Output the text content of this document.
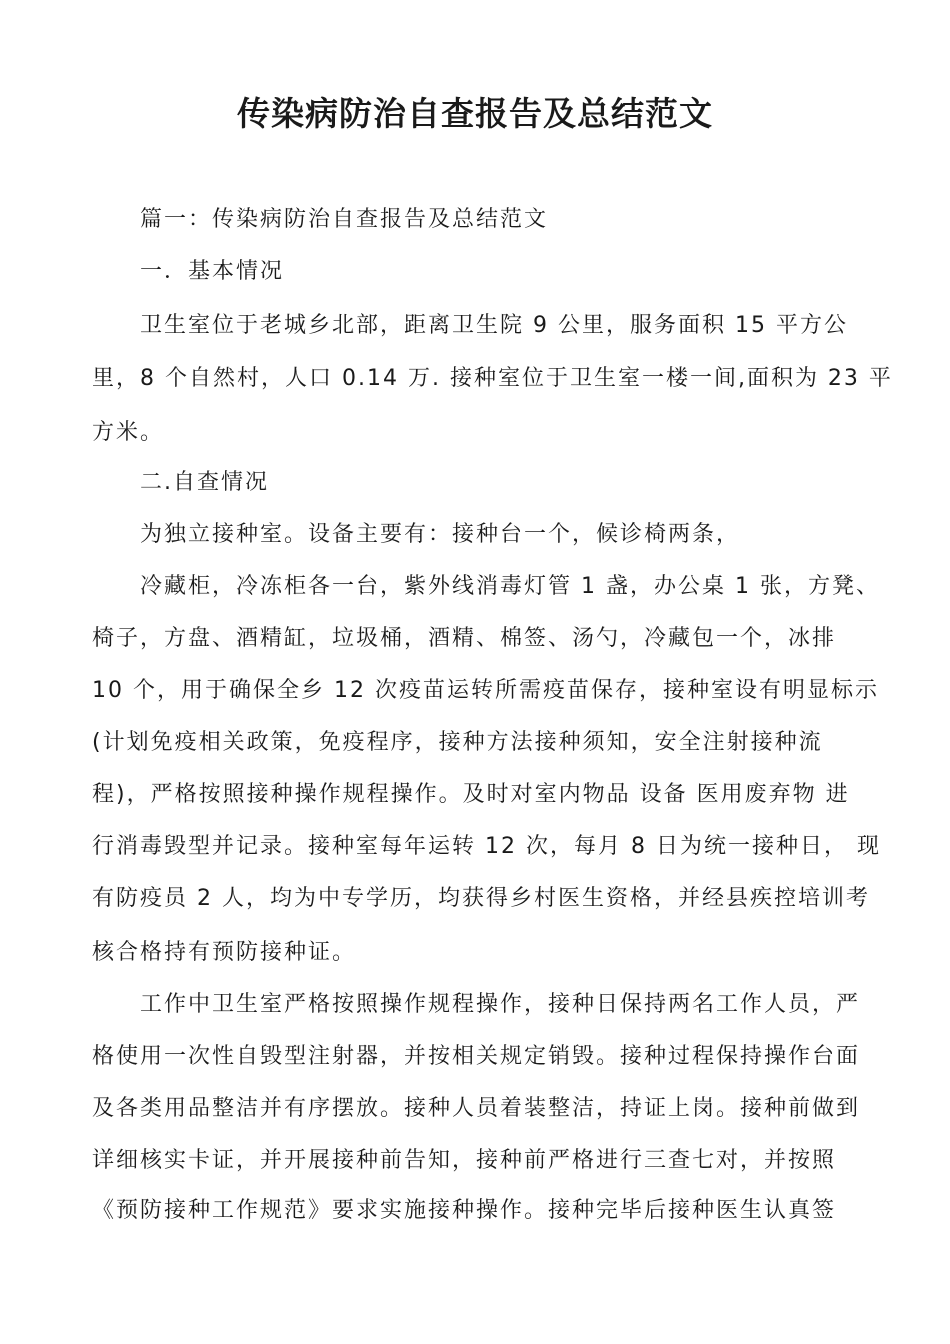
传染病防治自查报告及总结范文
篇一：传染病防治自查报告及总结范文
一．基本情况
卫生室位于老城乡北部，距离卫生院 9 公里，服务面积 15 平方公
里，8 个自然村，人口 0.14 万. 接种室位于卫生室一楼一间,面积为 23 平
方米。
二.自查情况
为独立接种室。设备主要有：接种台一个，候诊椅两条，
冷藏柜，冷冻柜各一台，紫外线消毒灯管 1 盏，办公桌 1 张，方凳、
椅子，方盘、酒精缸，垃圾桶，酒精、棉签、汤勺，冷藏包一个，冰排
10 个，用于确保全乡 12 次疫苗运转所需疫苗保存，接种室设有明显标示
(计划免疫相关政策，免疫程序，接种方法接种须知，安全注射接种流
程)，严格按照接种操作规程操作。及时对室内物品 设备 医用废弃物 进
行消毒毁型并记录。接种室每年运转 12 次，每月 8 日为统一接种日， 现
有防疫员 2 人，均为中专学历，均获得乡村医生资格，并经县疾控培训考
核合格持有预防接种证。
工作中卫生室严格按照操作规程操作，接种日保持两名工作人员，严
格使用一次性自毁型注射器，并按相关规定销毁。接种过程保持操作台面
及各类用品整洁并有序摆放。接种人员着装整洁，持证上岗。接种前做到
详细核实卡证，并开展接种前告知，接种前严格进行三查七对，并按照
《预防接种工作规范》要求实施接种操作。接种完毕后接种医生认真签
